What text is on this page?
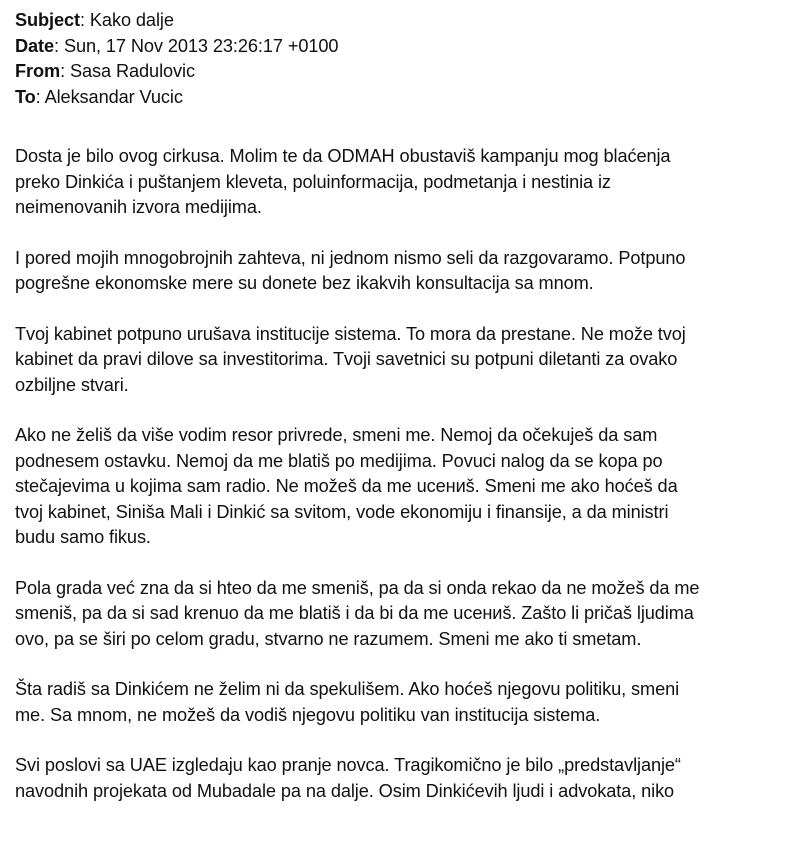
Subject: Kako dalje
Date: Sun, 17 Nov 2013 23:26:17 +0100
From: Sasa Radulovic
To: Aleksandar Vucic

Dosta je bilo ovog cirkusa. Molim te da ODMAH obustaviš kampanju mog blaćenja
preko Dinkića i puštanjem kleveta, poluinformacija, podmetanja i nestinia iz
neimenovanih izvora medijima.

I pored mojih mnogobrojnih zahteva, ni jednom nismo seli da razgovaramo. Potpuno
pogrešne ekonomske mere su donete bez ikakvih konsultacija sa mnom.

Tvoj kabinet potpuno urušava institucije sistema. To mora da prestane. Ne može tvoj
kabinet da pravi dilove sa investitorima. Tvoji savetnici su potpuni diletanti za ovako
ozbiljne stvari.

Ako ne želiš da više vodim resor privrede, smeni me. Nemoj da očekuješ da sam
podnesem ostavku. Nemoj da me blatiš po medijima. Povuci nalog da se kopa po
stečajevima u kojima sam radio. Ne možeš da me ucениš. Smeni me ako hoćeš da
tvoj kabinet, Siniša Mali i Dinkić sa svitom, vode ekonomiju i finansije, a da ministri
budu samo fikus.

Pola grada već zna da si hteo da me smeniš, pa da si onda rekao da ne možeš da me
smeniš, pa da si sad krenuo da me blatiš i da bi da me ucениš. Zašto li pričaš ljudima
ovo, pa se širi po celom gradu, stvarno ne razumem. Smeni me ako ti smetam.

Šta radiš sa Dinkićem ne želim ni da spekulišem. Ako hoćeš njegovu politiku, smeni
me. Sa mnom, ne možeš da vodiš njegovu politiku van institucija sistema.

Svi poslovi sa UAE izgledaju kao pranje novca. Tragikomično je bilo „predstavljanje“
navodnih projekata od Mubadale pa na dalje. Osim Dinkićevih ljudi i advokata, niko
